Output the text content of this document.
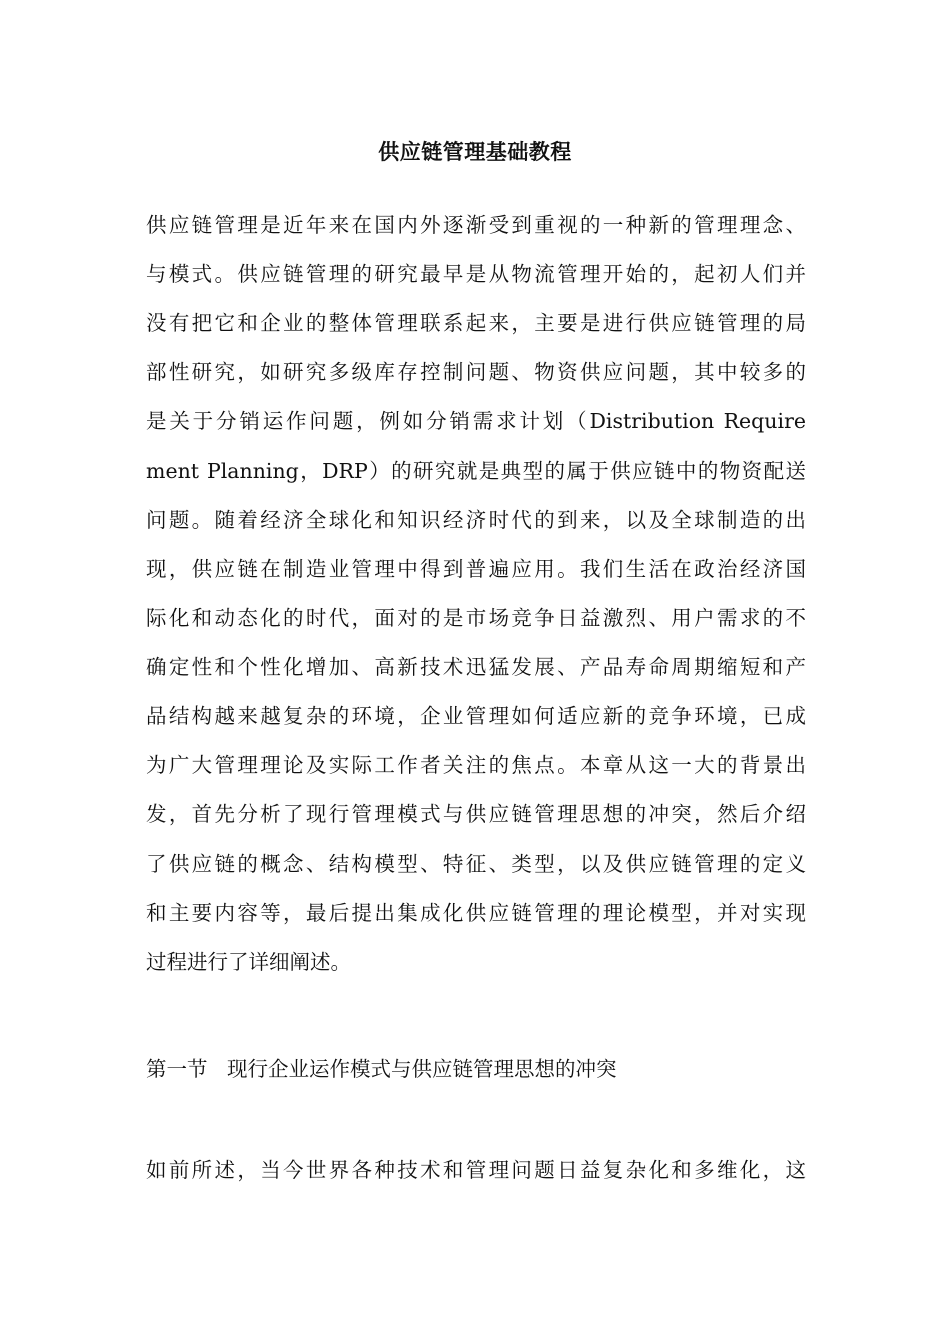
供应链管理基础教程
供应链管理是近年来在国内外逐渐受到重视的一种新的管理理念、
与模式。供应链管理的研究最早是从物流管理开始的，起初人们并
没有把它和企业的整体管理联系起来，主要是进行供应链管理的局
部性研究，如研究多级库存控制问题、物资供应问题，其中较多的
是关于分销运作问题，例如分销需求计划（Distribution Require
ment Planning，DRP）的研究就是典型的属于供应链中的物资配送
问题。随着经济全球化和知识经济时代的到来，以及全球制造的出
现，供应链在制造业管理中得到普遍应用。我们生活在政治经济国
际化和动态化的时代，面对的是市场竞争日益激烈、用户需求的不
确定性和个性化增加、高新技术迅猛发展、产品寿命周期缩短和产
品结构越来越复杂的环境，企业管理如何适应新的竞争环境，已成
为广大管理理论及实际工作者关注的焦点。本章从这一大的背景出
发，首先分析了现行管理模式与供应链管理思想的冲突，然后介绍
了供应链的概念、结构模型、特征、类型，以及供应链管理的定义
和主要内容等，最后提出集成化供应链管理的理论模型，并对实现
过程进行了详细阐述。
第一节   现行企业运作模式与供应链管理思想的冲突
如前所述，当今世界各种技术和管理问题日益复杂化和多维化，这
